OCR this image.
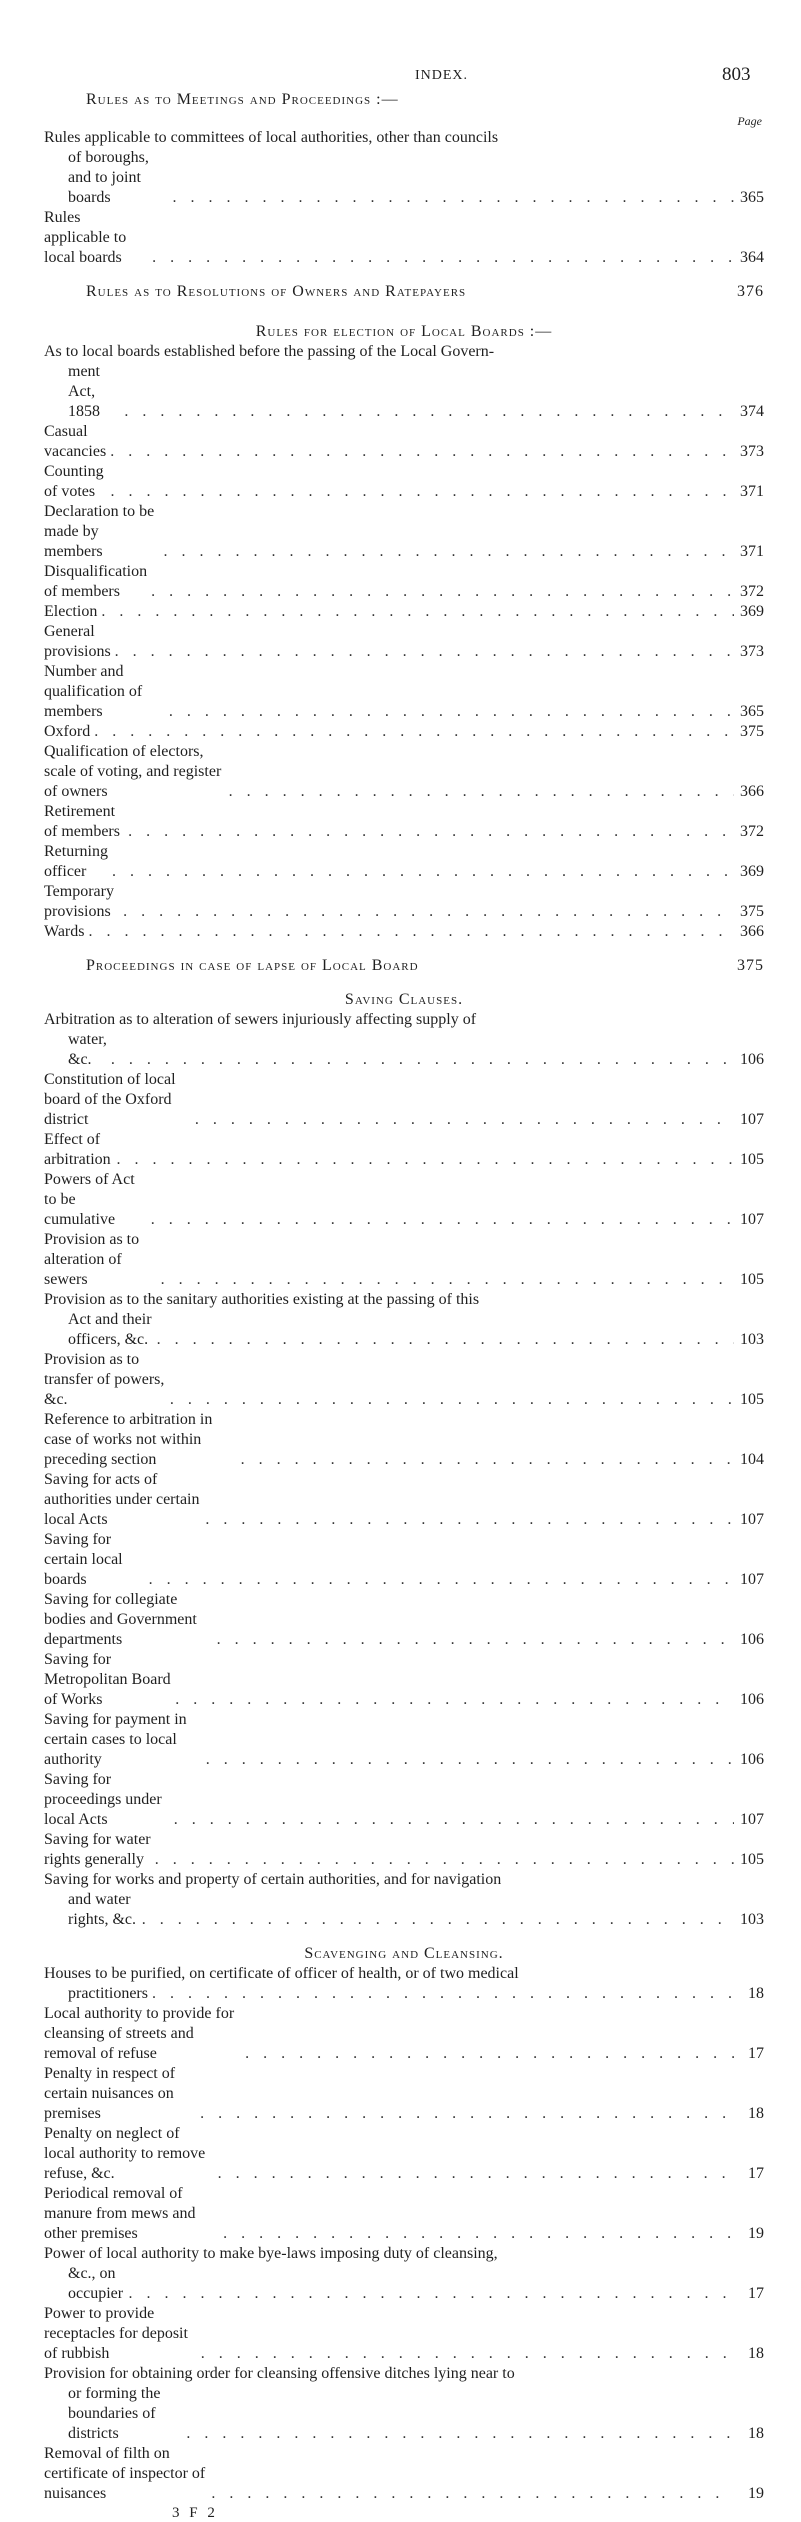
INDEX.	803
Rules as to Meetings and Proceedings :—
Page
Rules applicable to committees of local authorities, other than councils
of boroughs, and to joint boards . . .	365
Rules applicable to local boards . . .	364
Rules as to Resolutions of Owners and Ratepayers	376
Rules for election of Local Boards :—
As to local boards established before the passing of the Local Govern-
ment Act, 1858 . . .	374
Casual vacancies . . .	373
Counting of votes . . .	371
Declaration to be made by members . . .	371
Disqualification of members . . .	372
Election . . .	369
General provisions . . .	373
Number and qualification of members . . .	365
Oxford . . .	375
Qualification of electors, scale of voting, and register of owners . . .	366
Retirement of members . . .	372
Returning officer . . .	369
Temporary provisions . . .	375
Wards . . .	366
Proceedings in case of lapse of Local Board	375
Saving Clauses.
Arbitration as to alteration of sewers injuriously affecting supply of
water, &c. . . .	106
Constitution of local board of the Oxford district . . .	107
Effect of arbitration . . .	105
Powers of Act to be cumulative . . .	107
Provision as to alteration of sewers . . .	105
Provision as to the sanitary authorities existing at the passing of this
Act and their officers, &c. . . .	103
Provision as to transfer of powers, &c. . . .	105
Reference to arbitration in case of works not within preceding section . . .	104
Saving for acts of authorities under certain local Acts . . .	107
Saving for certain local boards . . .	107
Saving for collegiate bodies and Government departments . . .	106
Saving for Metropolitan Board of Works . . .	106
Saving for payment in certain cases to local authority . . .	106
Saving for proceedings under local Acts . . .	107
Saving for water rights generally . . .	105
Saving for works and property of certain authorities, and for navigation
and water rights, &c. . . .	103
Scavenging and Cleansing.
Houses to be purified, on certificate of officer of health, or of two medical
practitioners . . .	18
Local authority to provide for cleansing of streets and removal of refuse . . .	17
Penalty in respect of certain nuisances on premises . . .	18
Penalty on neglect of local authority to remove refuse, &c. . . .	17
Periodical removal of manure from mews and other premises . . .	19
Power of local authority to make bye-laws imposing duty of cleansing,
&c., on occupier . . .	17
Power to provide receptacles for deposit of rubbish . . .	18
Provision for obtaining order for cleansing offensive ditches lying near to
or forming the boundaries of districts . . .	18
Removal of filth on certificate of inspector of nuisances . . .	19
3 F 2
